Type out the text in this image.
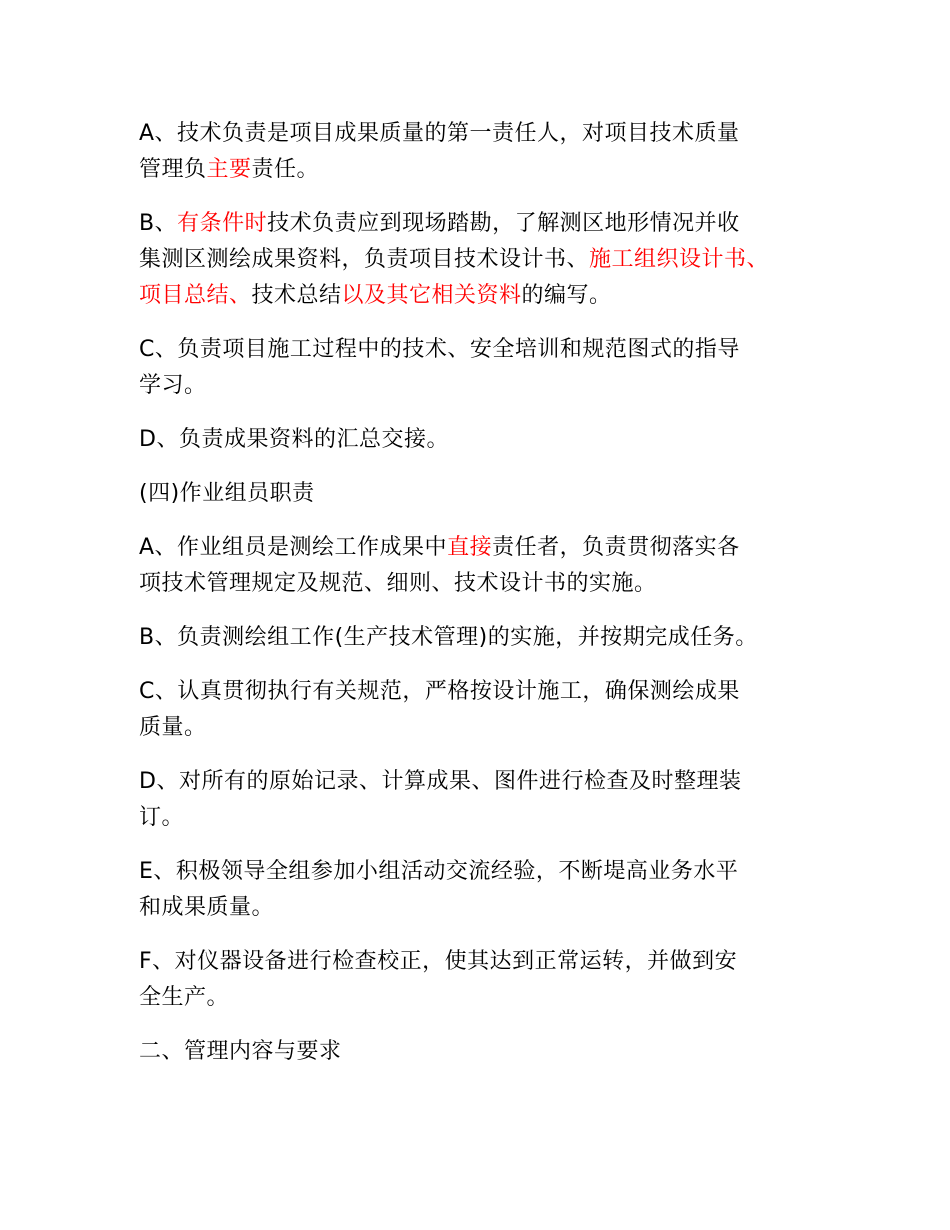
A、技术负责是项目成果质量的第一责任人，对项目技术质量
管理负主要责任。
B、有条件时技术负责应到现场踏勘，了解测区地形情况并收
集测区测绘成果资料，负责项目技术设计书、施工组织设计书、
项目总结、技术总结以及其它相关资料的编写。
C、负责项目施工过程中的技术、安全培训和规范图式的指导
学习。
D、负责成果资料的汇总交接。
(四)作业组员职责
A、作业组员是测绘工作成果中直接责任者，负责贯彻落实各
项技术管理规定及规范、细则、技术设计书的实施。
B、负责测绘组工作(生产技术管理)的实施，并按期完成任务。
C、认真贯彻执行有关规范，严格按设计施工，确保测绘成果
质量。
D、对所有的原始记录、计算成果、图件进行检查及时整理装
订。
E、积极领导全组参加小组活动交流经验，不断堤高业务水平
和成果质量。
F、对仪器设备进行检查校正，使其达到正常运转，并做到安
全生产。
二、管理内容与要求
